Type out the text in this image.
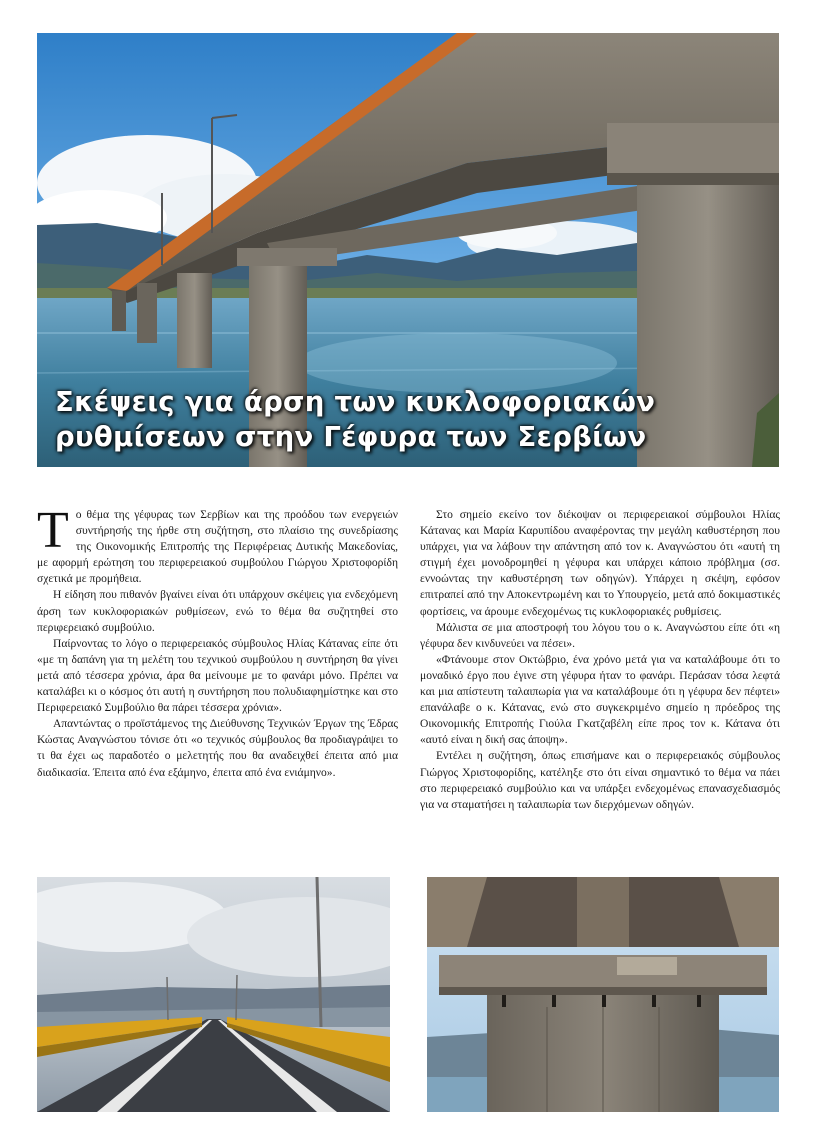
Σκέψεις για άρση των κυκλοφοριακών
ρυθμίσεων στην Γέφυρα των Σερβίων

Το θέμα της γέφυρας των Σερβίων και της προόδου των ενεργειών συντήρησής της ήρθε στη συζήτηση, στο πλαίσιο της συνεδρίασης της Οικονομικής Επιτροπής της Περιφέρειας Δυτικής Μακεδονίας, με αφορμή ερώτηση του περιφερειακού συμβούλου Γιώργου Χριστοφορίδη σχετικά με προμήθεια.

Η είδηση που πιθανόν βγαίνει είναι ότι υπάρχουν σκέψεις για ενδεχόμενη άρση των κυκλοφοριακών ρυθμίσεων, ενώ το θέμα θα συζητηθεί στο περιφερειακό συμβούλιο.

Παίρνοντας το λόγο ο περιφερειακός σύμβουλος Ηλίας Κάτανας είπε ότι «με τη δαπάνη για τη μελέτη του τεχνικού συμβούλου η συντήρηση θα γίνει μετά από τέσσερα χρόνια, άρα θα μείνουμε με το φανάρι μόνο. Πρέπει να καταλάβει κι ο κόσμος ότι αυτή η συντήρηση που πολυδιαφημίστηκε και στο Περιφερειακό Συμβούλιο θα πάρει τέσσερα χρόνια».

Απαντώντας ο προϊστάμενος της Διεύθυνσης Τεχνικών Έργων της Έδρας Κώστας Αναγνώστου τόνισε ότι «ο τεχνικός σύμβουλος θα προδιαγράψει το τι θα έχει ως παραδοτέο ο μελετητής που θα αναδειχθεί έπειτα από μια διαδικασία. Έπειτα από ένα εξάμηνο, έπειτα από ένα ενιάμηνο».

Στο σημείο εκείνο τον διέκοψαν οι περιφερειακοί σύμβουλοι Ηλίας Κάτανας και Μαρία Καρυπίδου αναφέροντας την μεγάλη καθυστέρηση που υπάρχει, για να λάβουν την απάντηση από τον κ. Αναγνώστου ότι «αυτή τη στιγμή έχει μονοδρομηθεί η γέφυρα και υπάρχει κάποιο πρόβλημα (σσ. εννοώντας την καθυστέρηση των οδηγών). Υπάρχει η σκέψη, εφόσον επιτραπεί από την Αποκεντρωμένη και το Υπουργείο, μετά από δοκιμαστικές φορτίσεις, να άρουμε ενδεχομένως τις κυκλοφοριακές ρυθμίσεις.

Μάλιστα σε μια αποστροφή του λόγου του ο κ. Αναγνώστου είπε ότι «η γέφυρα δεν κινδυνεύει να πέσει».

«Φτάνουμε στον Οκτώβριο, ένα χρόνο μετά για να καταλάβουμε ότι το μοναδικό έργο που έγινε στη γέφυρα ήταν το φανάρι. Περάσαν τόσα λεφτά και μια απίστευτη ταλαιπωρία για να καταλάβουμε ότι η γέφυρα δεν πέφτει» επανάλαβε ο κ. Κάτανας, ενώ στο συγκεκριμένο σημείο η πρόεδρος της Οικονομικής Επιτροπής Γιούλα Γκατζαβέλη είπε προς τον κ. Κάτανα ότι «αυτό είναι η δική σας άποψη».

Εντέλει η συζήτηση, όπως επισήμανε και ο περιφερειακός σύμβουλος Γιώργος Χριστοφορίδης, κατέληξε στο ότι είναι σημαντικό το θέμα να πάει στο περιφερειακό συμβούλιο και να υπάρξει ενδεχομένως επανασχεδιασμός για να σταματήσει η ταλαιπωρία των διερχόμενων οδηγών.
